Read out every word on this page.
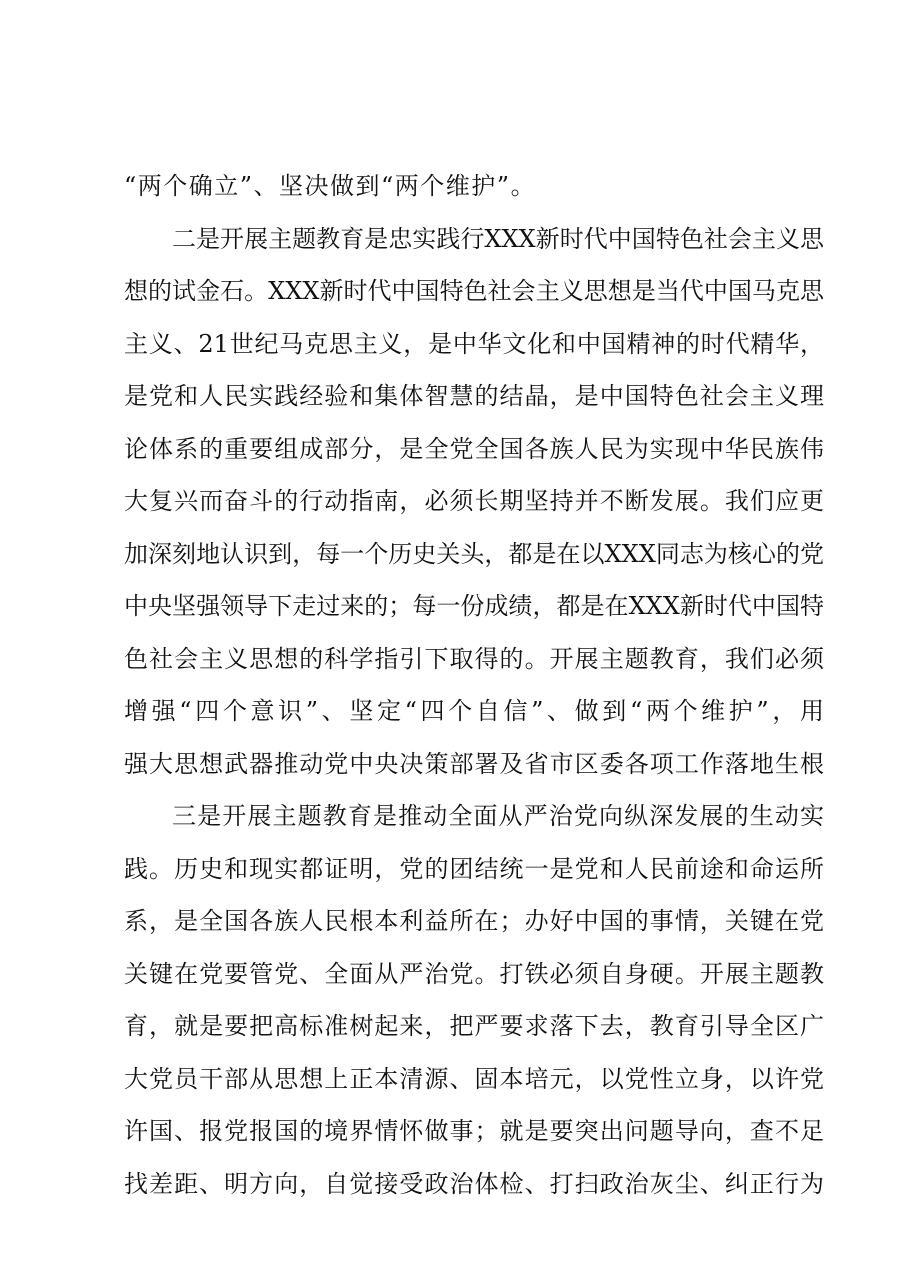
“两个确立”、坚决做到“两个维护”。
二是开展主题教育是忠实践行XXX新时代中国特色社会主义思
想的试金石。XXX新时代中国特色社会主义思想是当代中国马克思
主义、21世纪马克思主义，是中华文化和中国精神的时代精华，
是党和人民实践经验和集体智慧的结晶，是中国特色社会主义理
论体系的重要组成部分，是全党全国各族人民为实现中华民族伟
大复兴而奋斗的行动指南，必须长期坚持并不断发展。我们应更
加深刻地认识到，每一个历史关头，都是在以XXX同志为核心的党
中央坚强领导下走过来的；每一份成绩，都是在XXX新时代中国特
色社会主义思想的科学指引下取得的。开展主题教育，我们必须
增强“四个意识”、坚定“四个自信”、做到“两个维护”，用
强大思想武器推动党中央决策部署及省市区委各项工作落地生根
三是开展主题教育是推动全面从严治党向纵深发展的生动实
践。历史和现实都证明，党的团结统一是党和人民前途和命运所
系，是全国各族人民根本利益所在；办好中国的事情，关键在党
关键在党要管党、全面从严治党。打铁必须自身硬。开展主题教
育，就是要把高标准树起来，把严要求落下去，教育引导全区广
大党员干部从思想上正本清源、固本培元，以党性立身，以许党
许国、报党报国的境界情怀做事；就是要突出问题导向，查不足
找差距、明方向，自觉接受政治体检、打扫政治灰尘、纠正行为
